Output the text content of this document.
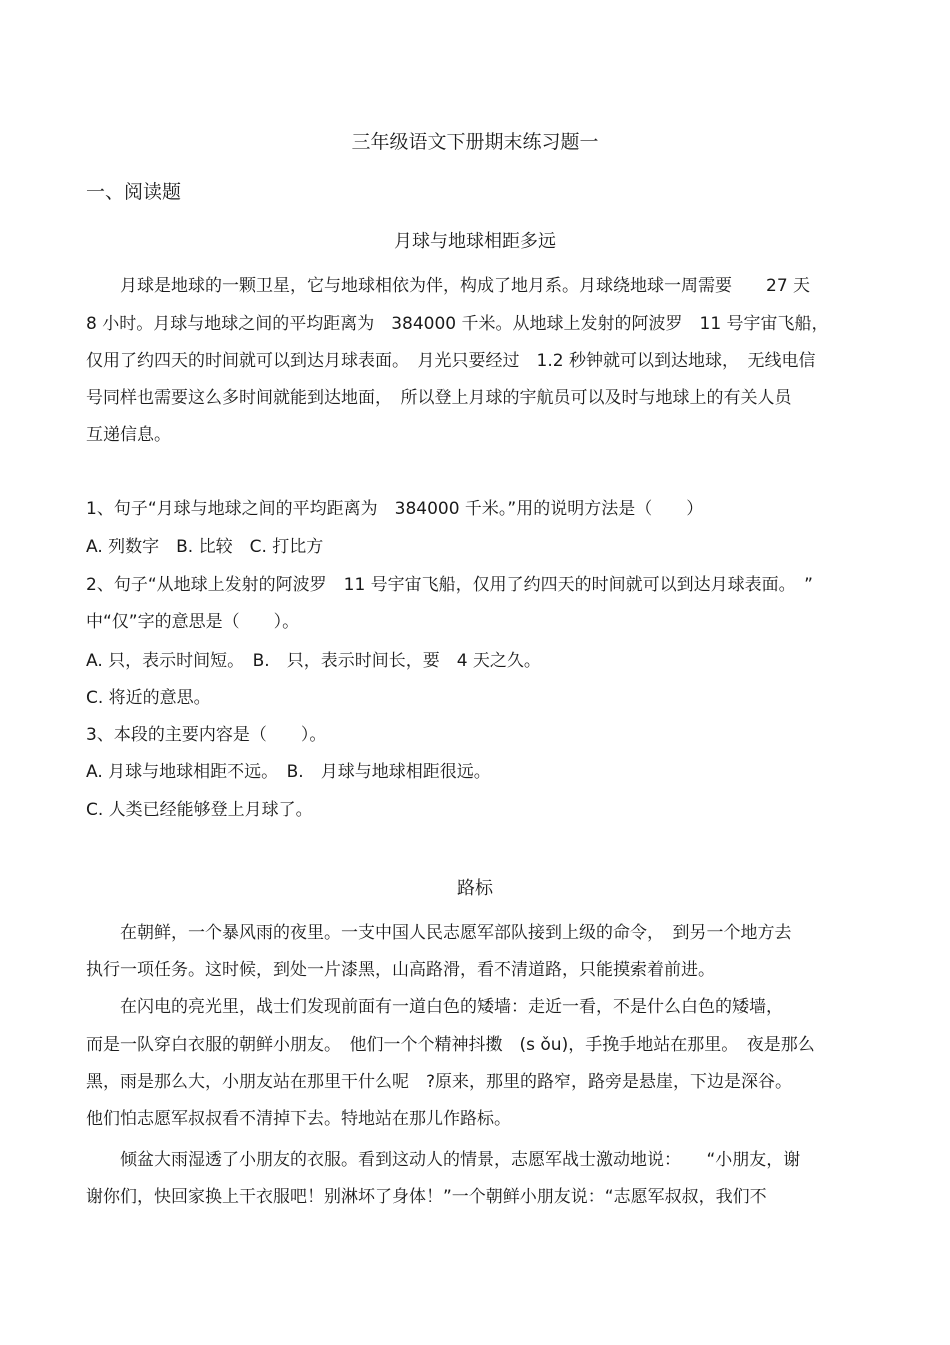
三年级语文下册期末练习题一
一、阅读题
月球与地球相距多远
　　月球是地球的一颗卫星，它与地球相依为伴，构成了地月系。月球绕地球一周需要　　27 天
8 小时。月球与地球之间的平均距离为　384000 千米。从地球上发射的阿波罗　11 号宇宙飞船，
仅用了约四天的时间就可以到达月球表面。　月光只要经过　1.2 秒钟就可以到达地球，　无线电信
号同样也需要这么多时间就能到达地面，　所以登上月球的宇航员可以及时与地球上的有关人员
互递信息。
1、句子“月球与地球之间的平均距离为　384000 千米。”用的说明方法是（　　）
A. 列数字　B. 比较　C. 打比方
2、句子“从地球上发射的阿波罗　11 号宇宙飞船，仅用了约四天的时间就可以到达月球表面。　”
中“仅”字的意思是（　　）。
A. 只，表示时间短。　B.　只，表示时间长，要　4 天之久。
C. 将近的意思。
3、本段的主要内容是（　　）。
A. 月球与地球相距不远。　B.　月球与地球相距很远。
C. 人类已经能够登上月球了。
路标
　　在朝鲜，一个暴风雨的夜里。一支中国人民志愿军部队接到上级的命令，　到另一个地方去
执行一项任务。这时候，到处一片漆黑，山高路滑，看不清道路，只能摸索着前进。
　　在闪电的亮光里，战士们发现前面有一道白色的矮墙：走近一看，不是什么白色的矮墙，
而是一队穿白衣服的朝鲜小朋友。　他们一个个精神抖擞　(s ǒu)，手挽手地站在那里。　夜是那么
黑，雨是那么大，小朋友站在那里干什么呢　?原来，那里的路窄，路旁是悬崖，下边是深谷。
他们怕志愿军叔叔看不清掉下去。特地站在那儿作路标。
　　倾盆大雨湿透了小朋友的衣服。看到这动人的情景，志愿军战士激动地说：　　“小朋友，谢
谢你们，快回家换上干衣服吧！别淋坏了身体！”一个朝鲜小朋友说：“志愿军叔叔，我们不
